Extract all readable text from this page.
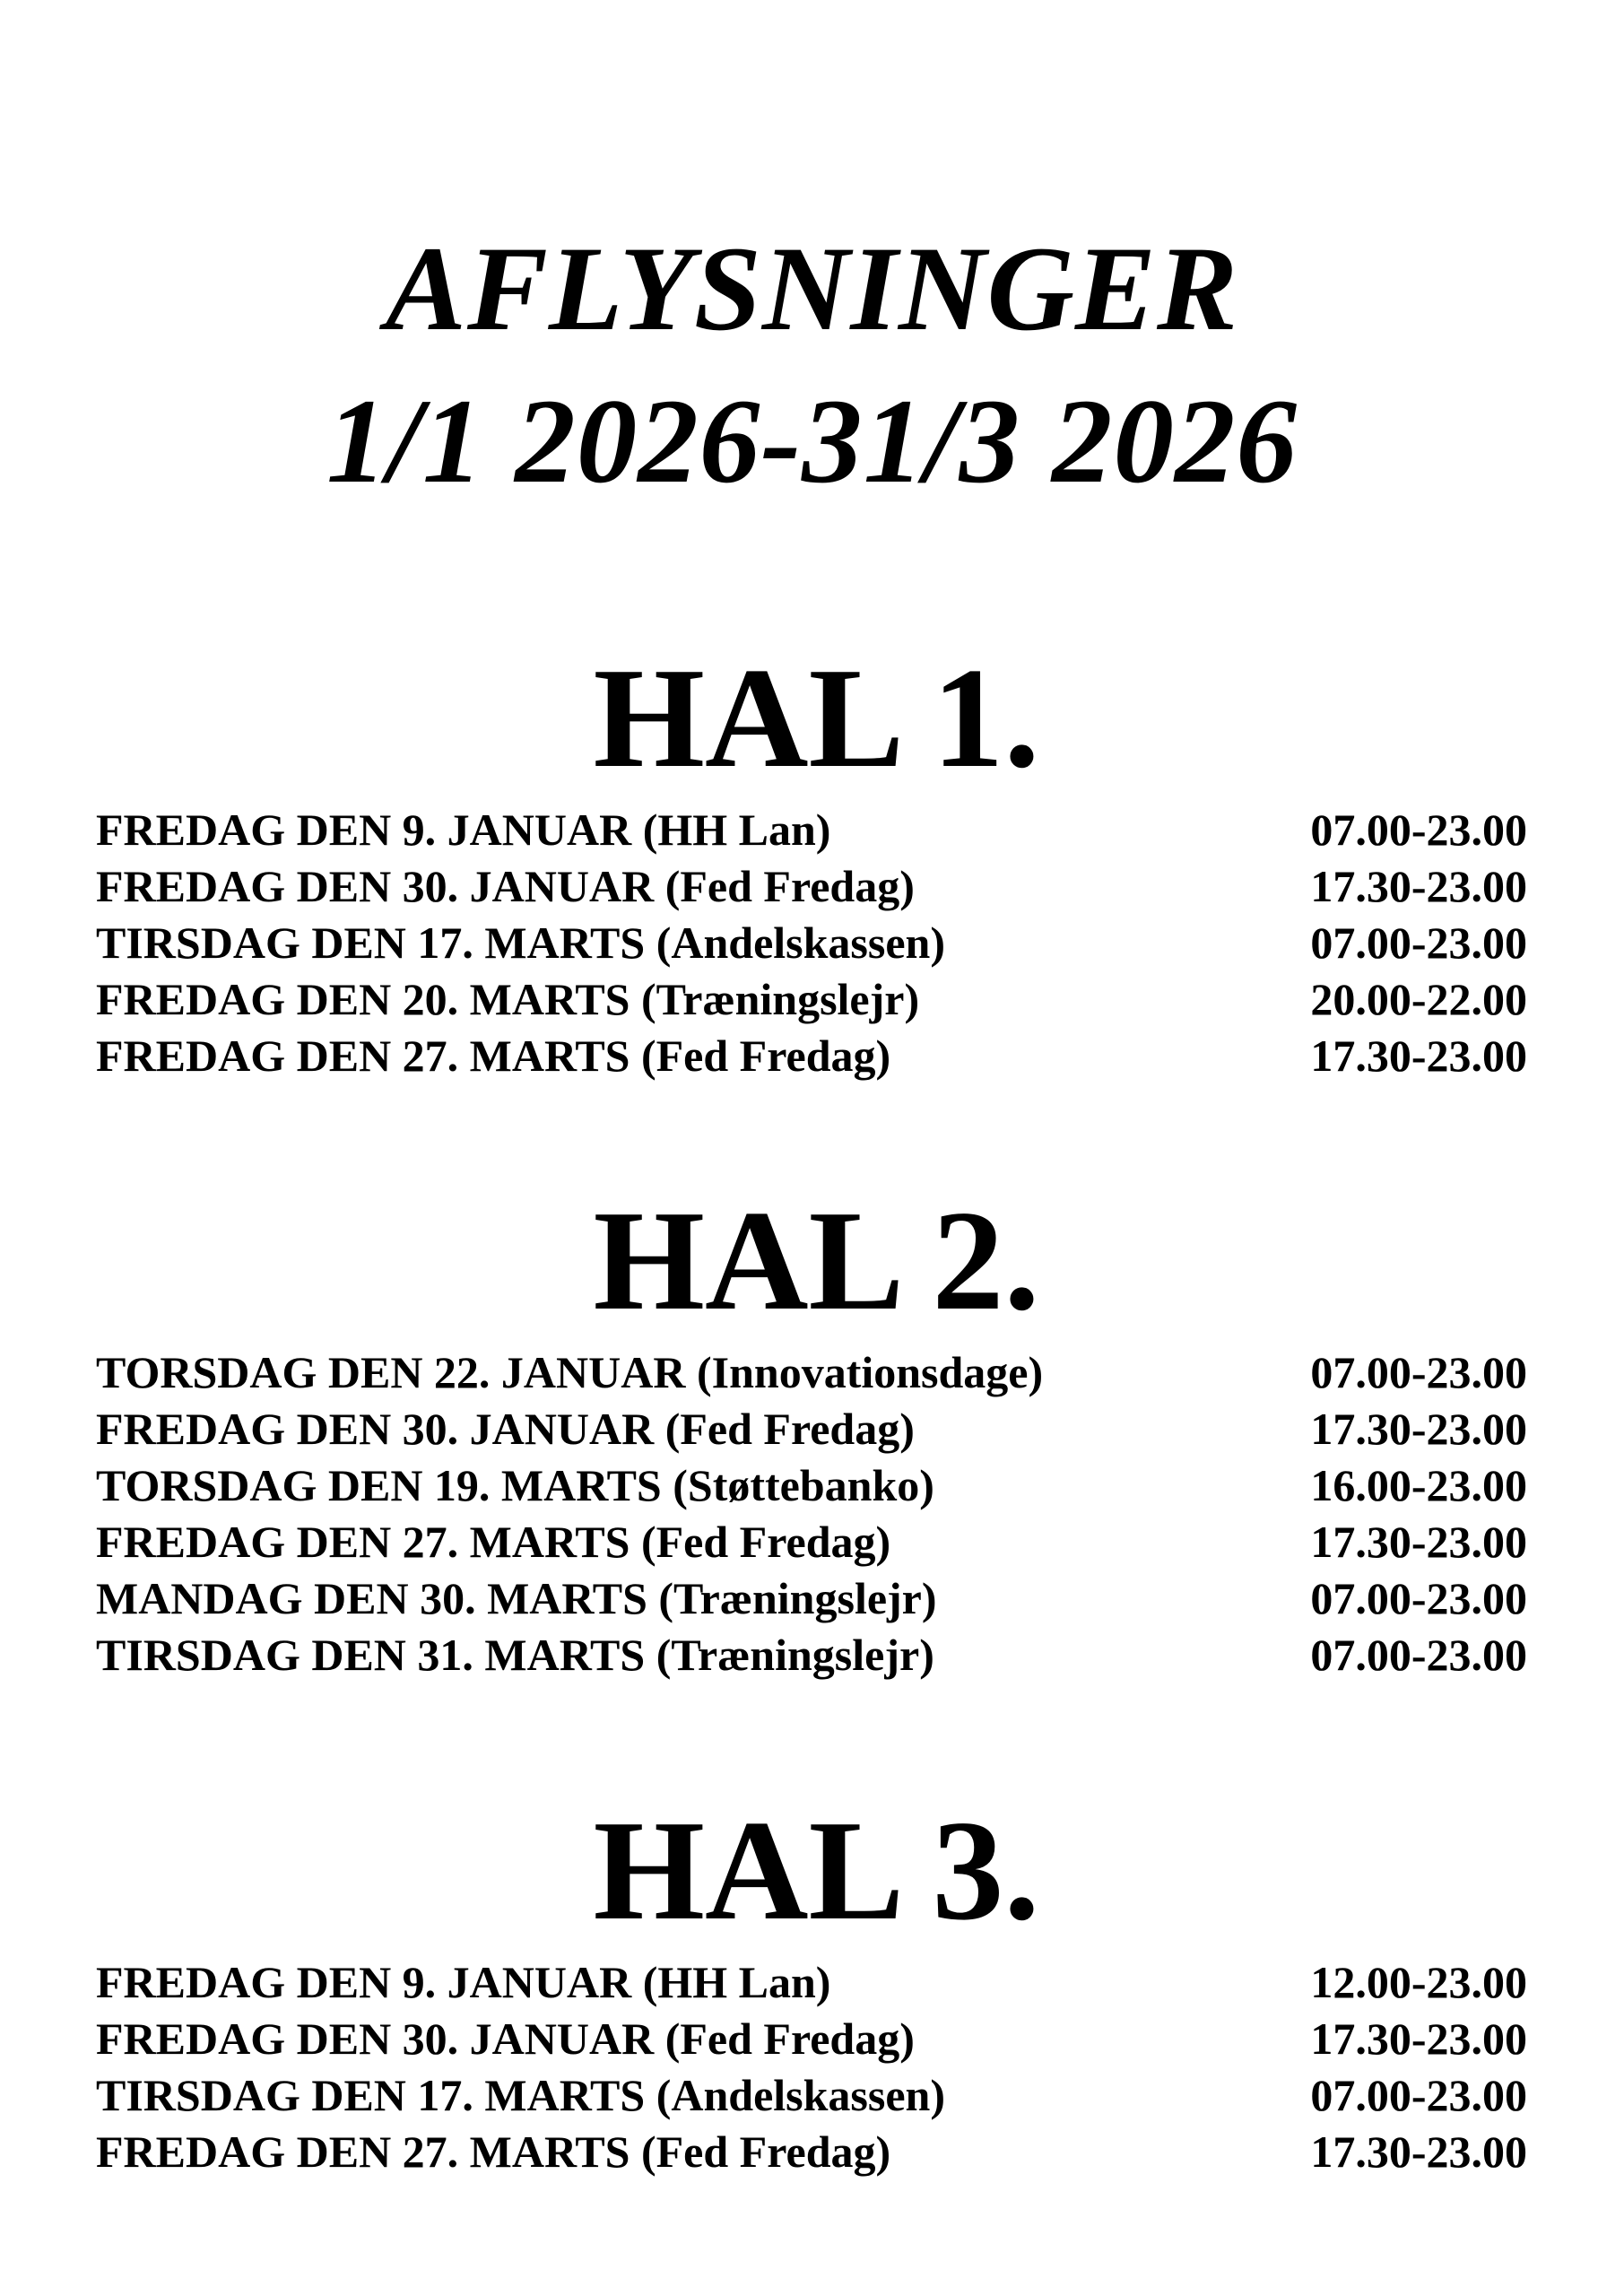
AFLYSNINGER
1/1 2026-31/3 2026
HAL 1.
FREDAG DEN 9. JANUAR (HH Lan)	07.00-23.00
FREDAG DEN 30. JANUAR (Fed Fredag)	17.30-23.00
TIRSDAG DEN 17. MARTS (Andelskassen)	07.00-23.00
FREDAG DEN 20. MARTS (Træningslejr)	20.00-22.00
FREDAG DEN 27. MARTS (Fed Fredag)	17.30-23.00
HAL 2.
TORSDAG DEN 22. JANUAR (Innovationsdage)	07.00-23.00
FREDAG DEN 30. JANUAR (Fed Fredag)	17.30-23.00
TORSDAG DEN 19. MARTS (Støttebanko)	16.00-23.00
FREDAG DEN 27. MARTS (Fed Fredag)	17.30-23.00
MANDAG DEN 30. MARTS (Træningslejr)	07.00-23.00
TIRSDAG DEN 31. MARTS (Træningslejr)	07.00-23.00
HAL 3.
FREDAG DEN 9. JANUAR (HH Lan)	12.00-23.00
FREDAG DEN 30. JANUAR (Fed Fredag)	17.30-23.00
TIRSDAG DEN 17. MARTS (Andelskassen)	07.00-23.00
FREDAG DEN 27. MARTS (Fed Fredag)	17.30-23.00
